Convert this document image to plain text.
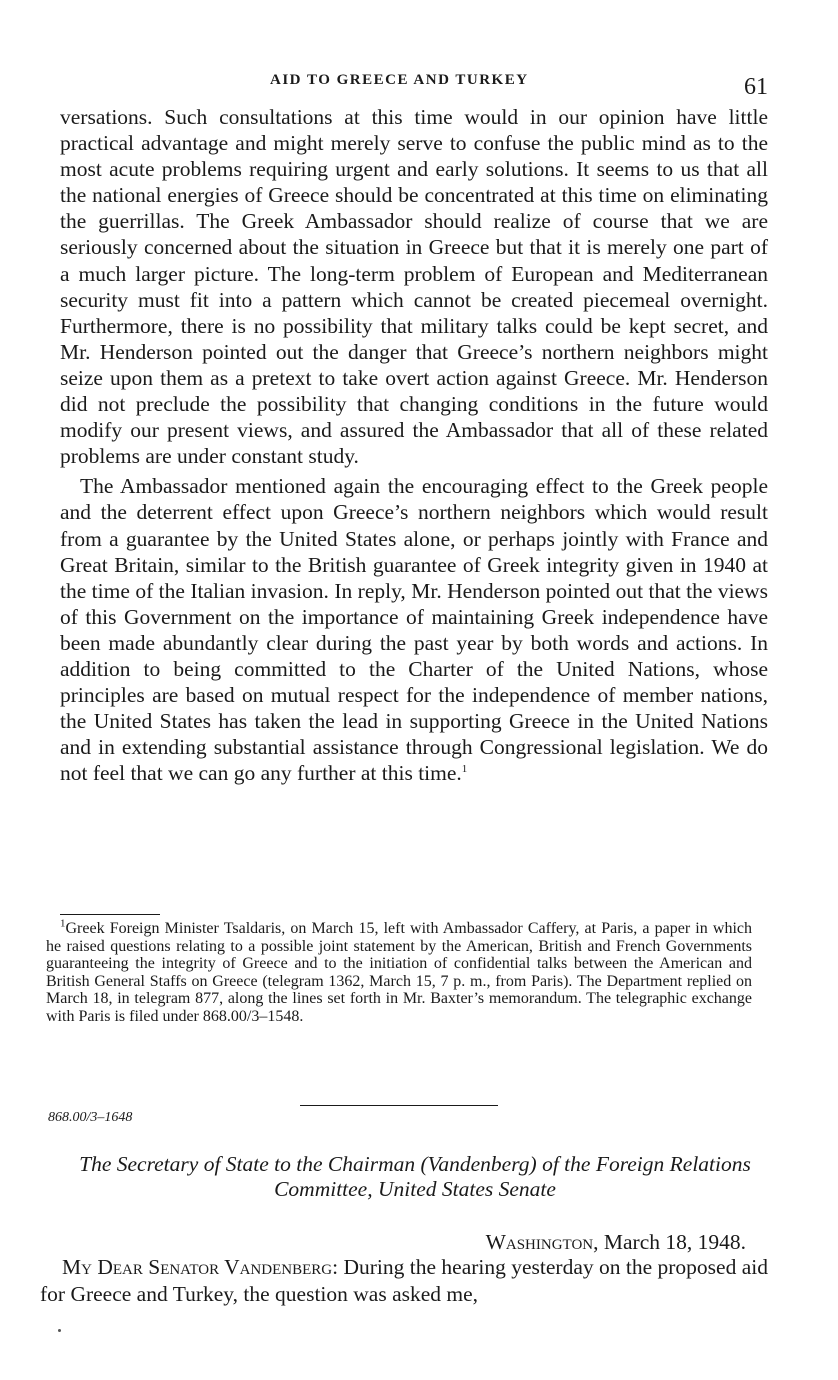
AID TO GREECE AND TURKEY	61

versations. Such consultations at this time would in our opinion have little practical advantage and might merely serve to confuse the public mind as to the most acute problems requiring urgent and early solutions. It seems to us that all the national energies of Greece should be concentrated at this time on eliminating the guerrillas. The Greek Ambassador should realize of course that we are seriously concerned about the situation in Greece but that it is merely one part of a much larger picture. The long-term problem of European and Mediterranean security must fit into a pattern which cannot be created piecemeal overnight. Furthermore, there is no possibility that military talks could be kept secret, and Mr. Henderson pointed out the danger that Greece’s northern neighbors might seize upon them as a pretext to take overt action against Greece. Mr. Henderson did not preclude the possibility that changing conditions in the future would modify our present views, and assured the Ambassador that all of these related problems are under constant study.

The Ambassador mentioned again the encouraging effect to the Greek people and the deterrent effect upon Greece’s northern neighbors which would result from a guarantee by the United States alone, or perhaps jointly with France and Great Britain, similar to the British guarantee of Greek integrity given in 1940 at the time of the Italian invasion. In reply, Mr. Henderson pointed out that the views of this Government on the importance of maintaining Greek independence have been made abundantly clear during the past year by both words and actions. In addition to being committed to the Charter of the United Nations, whose principles are based on mutual respect for the independence of member nations, the United States has taken the lead in supporting Greece in the United Nations and in extending substantial assistance through Congressional legislation. We do not feel that we can go any further at this time.$^1$

$^1$Greek Foreign Minister Tsaldaris, on March 15, left with Ambassador Caffery, at Paris, a paper in which he raised questions relating to a possible joint statement by the American, British and French Governments guaranteeing the integrity of Greece and to the initiation of confidential talks between the American and British General Staffs on Greece (telegram 1362, March 15, 7 p. m., from Paris). The Department replied on March 18, in telegram 877, along the lines set forth in Mr. Baxter’s memorandum. The telegraphic exchange with Paris is filed under 868.00/3–1548.

868.00/3–1648
The Secretary of State to the Chairman (Vandenberg) of the Foreign Relations Committee, United States Senate
Washington, March 18, 1948.

My Dear Senator Vandenberg: During the hearing yesterday on the proposed aid for Greece and Turkey, the question was asked me,
